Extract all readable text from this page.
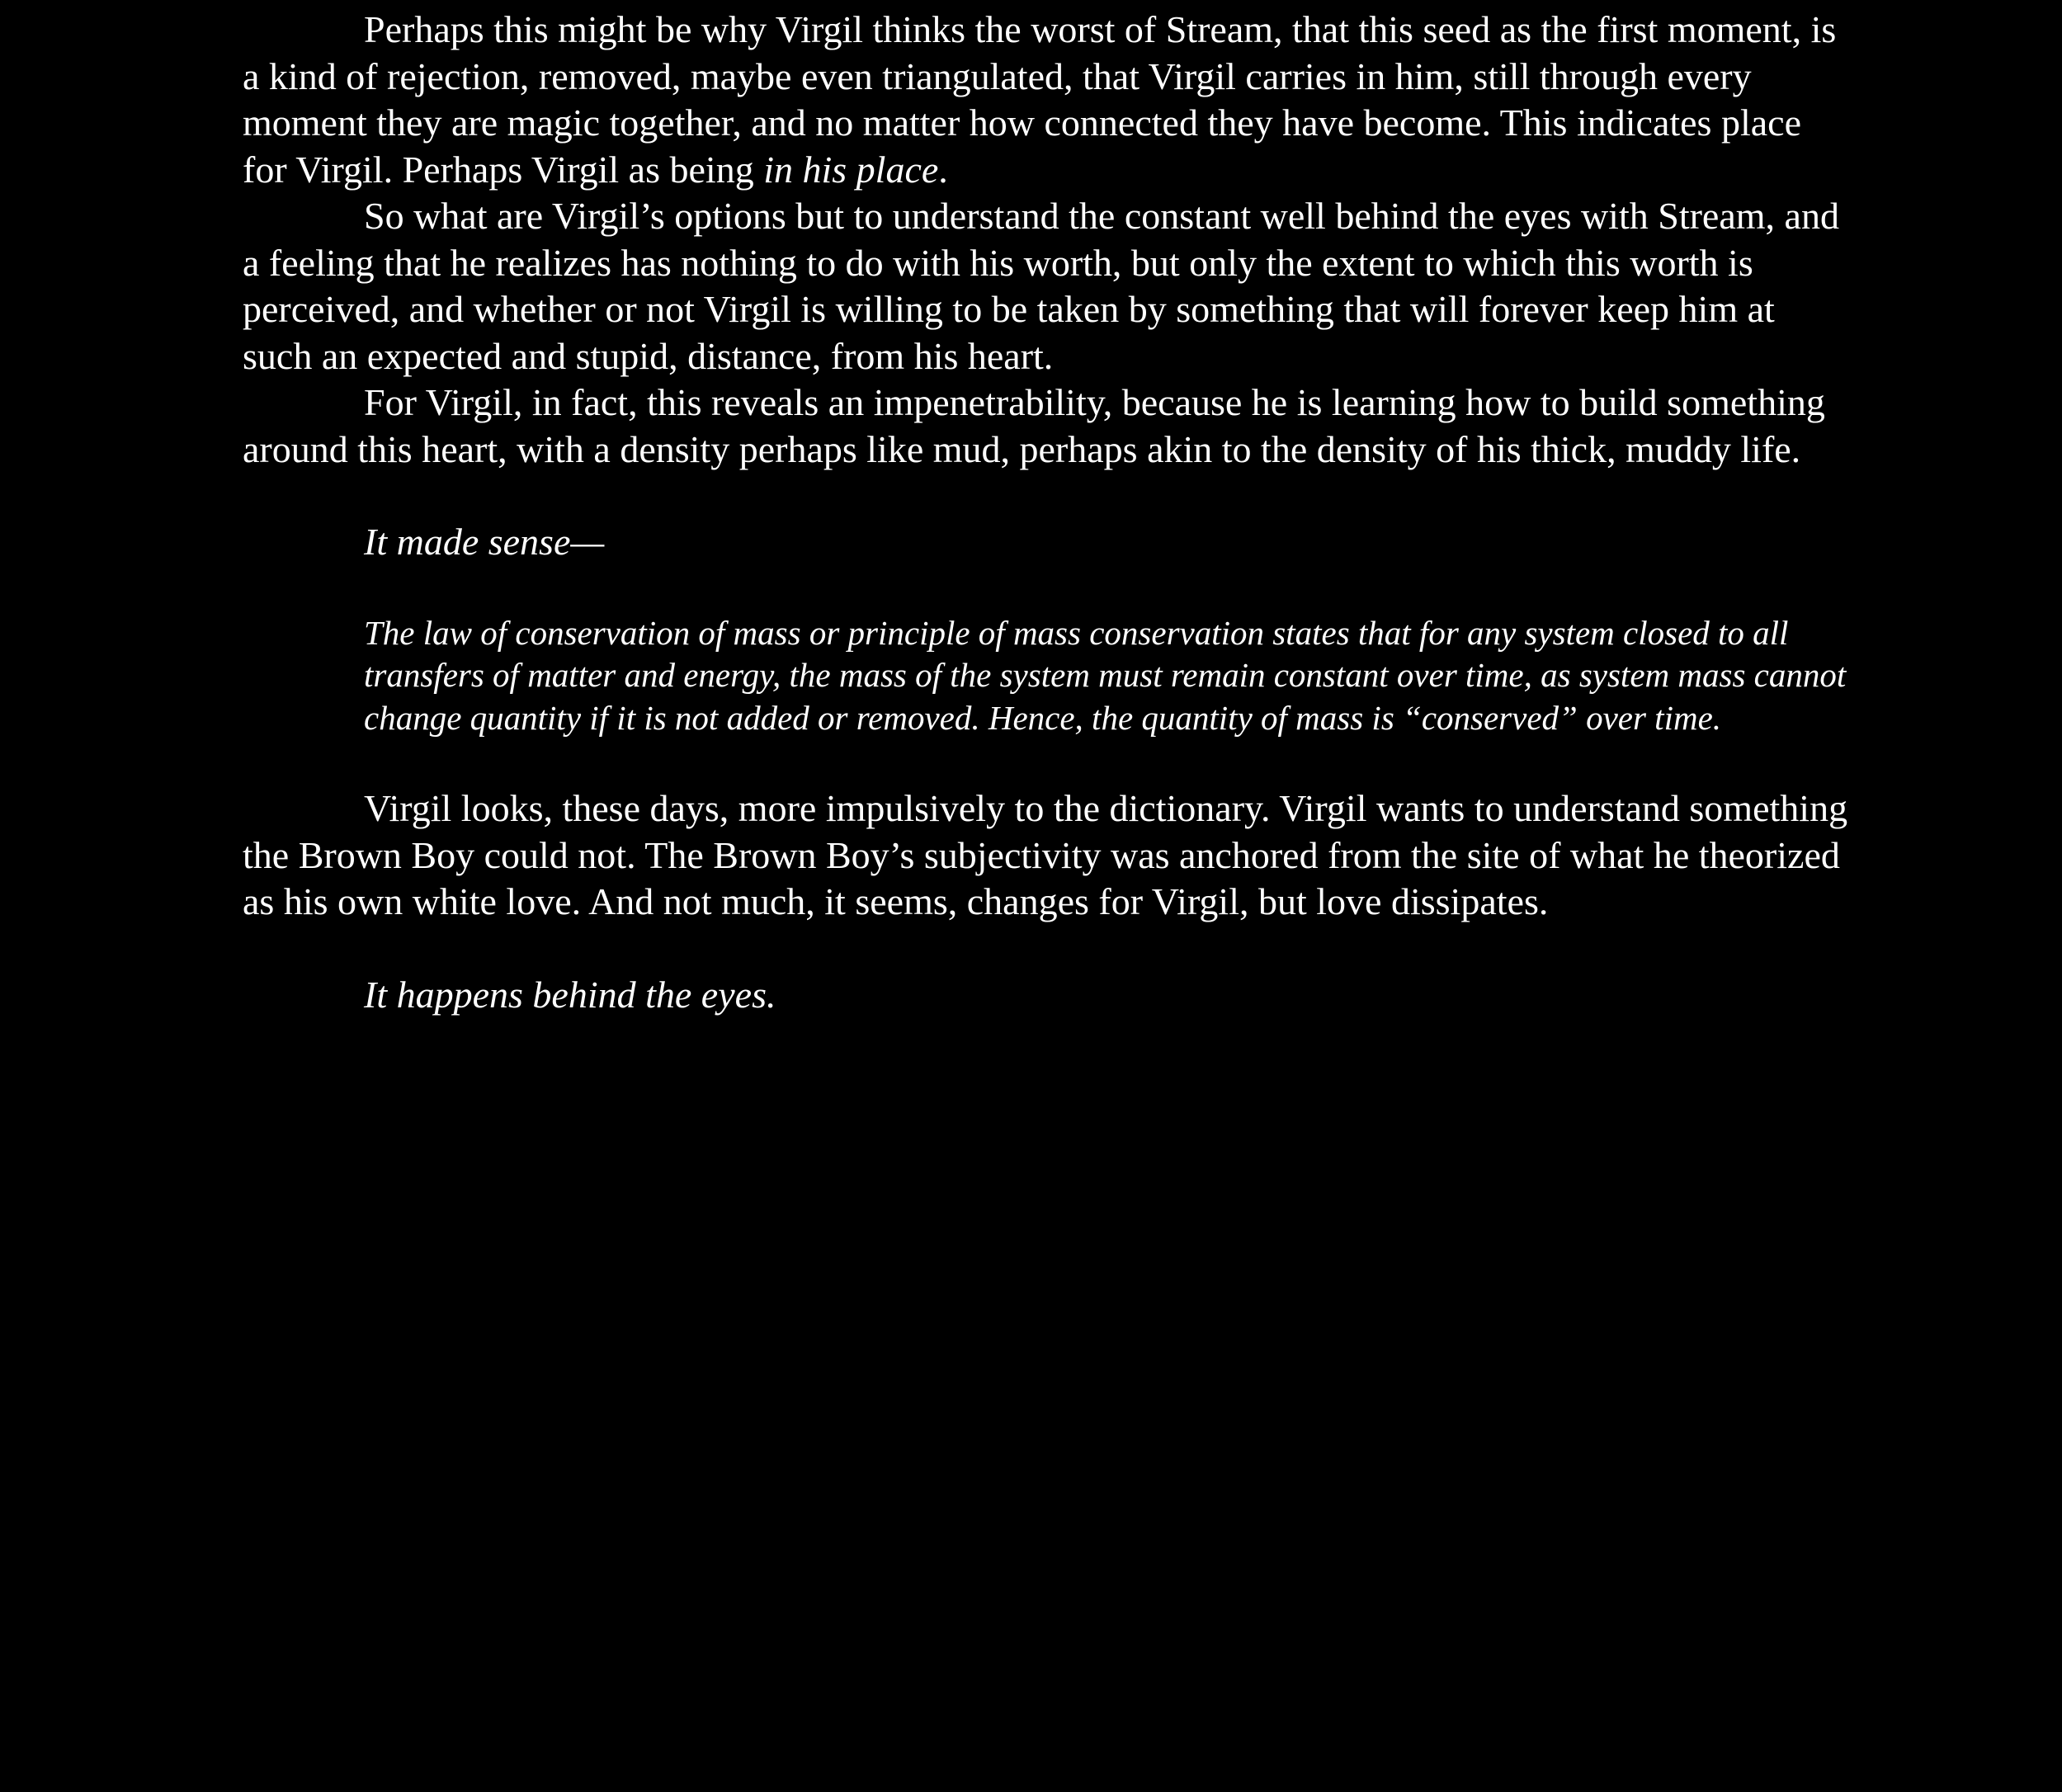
Perhaps this might be why Virgil thinks the worst of Stream, that this seed as the first moment, is a kind of rejection, removed, maybe even triangulated, that Virgil carries in him, still through every moment they are magic together, and no matter how connected they have become. This indicates place for Virgil. Perhaps Virgil as being in his place.

So what are Virgil’s options but to understand the constant well behind the eyes with Stream, and a feeling that he realizes has nothing to do with his worth, but only the extent to which this worth is perceived, and whether or not Virgil is willing to be taken by something that will forever keep him at such an expected and stupid, distance, from his heart.

For Virgil, in fact, this reveals an impenetrability, because he is learning how to build something around this heart, with a density perhaps like mud, perhaps akin to the density of his thick, muddy life.

It made sense—

The law of conservation of mass or principle of mass conservation states that for any system closed to all transfers of matter and energy, the mass of the system must remain constant over time, as system mass cannot change quantity if it is not added or removed. Hence, the quantity of mass is “conserved” over time.

Virgil looks, these days, more impulsively to the dictionary. Virgil wants to understand something the Brown Boy could not. The Brown Boy’s subjectivity was anchored from the site of what he theorized as his own white love. And not much, it seems, changes for Virgil, but love dissipates.

It happens behind the eyes.
